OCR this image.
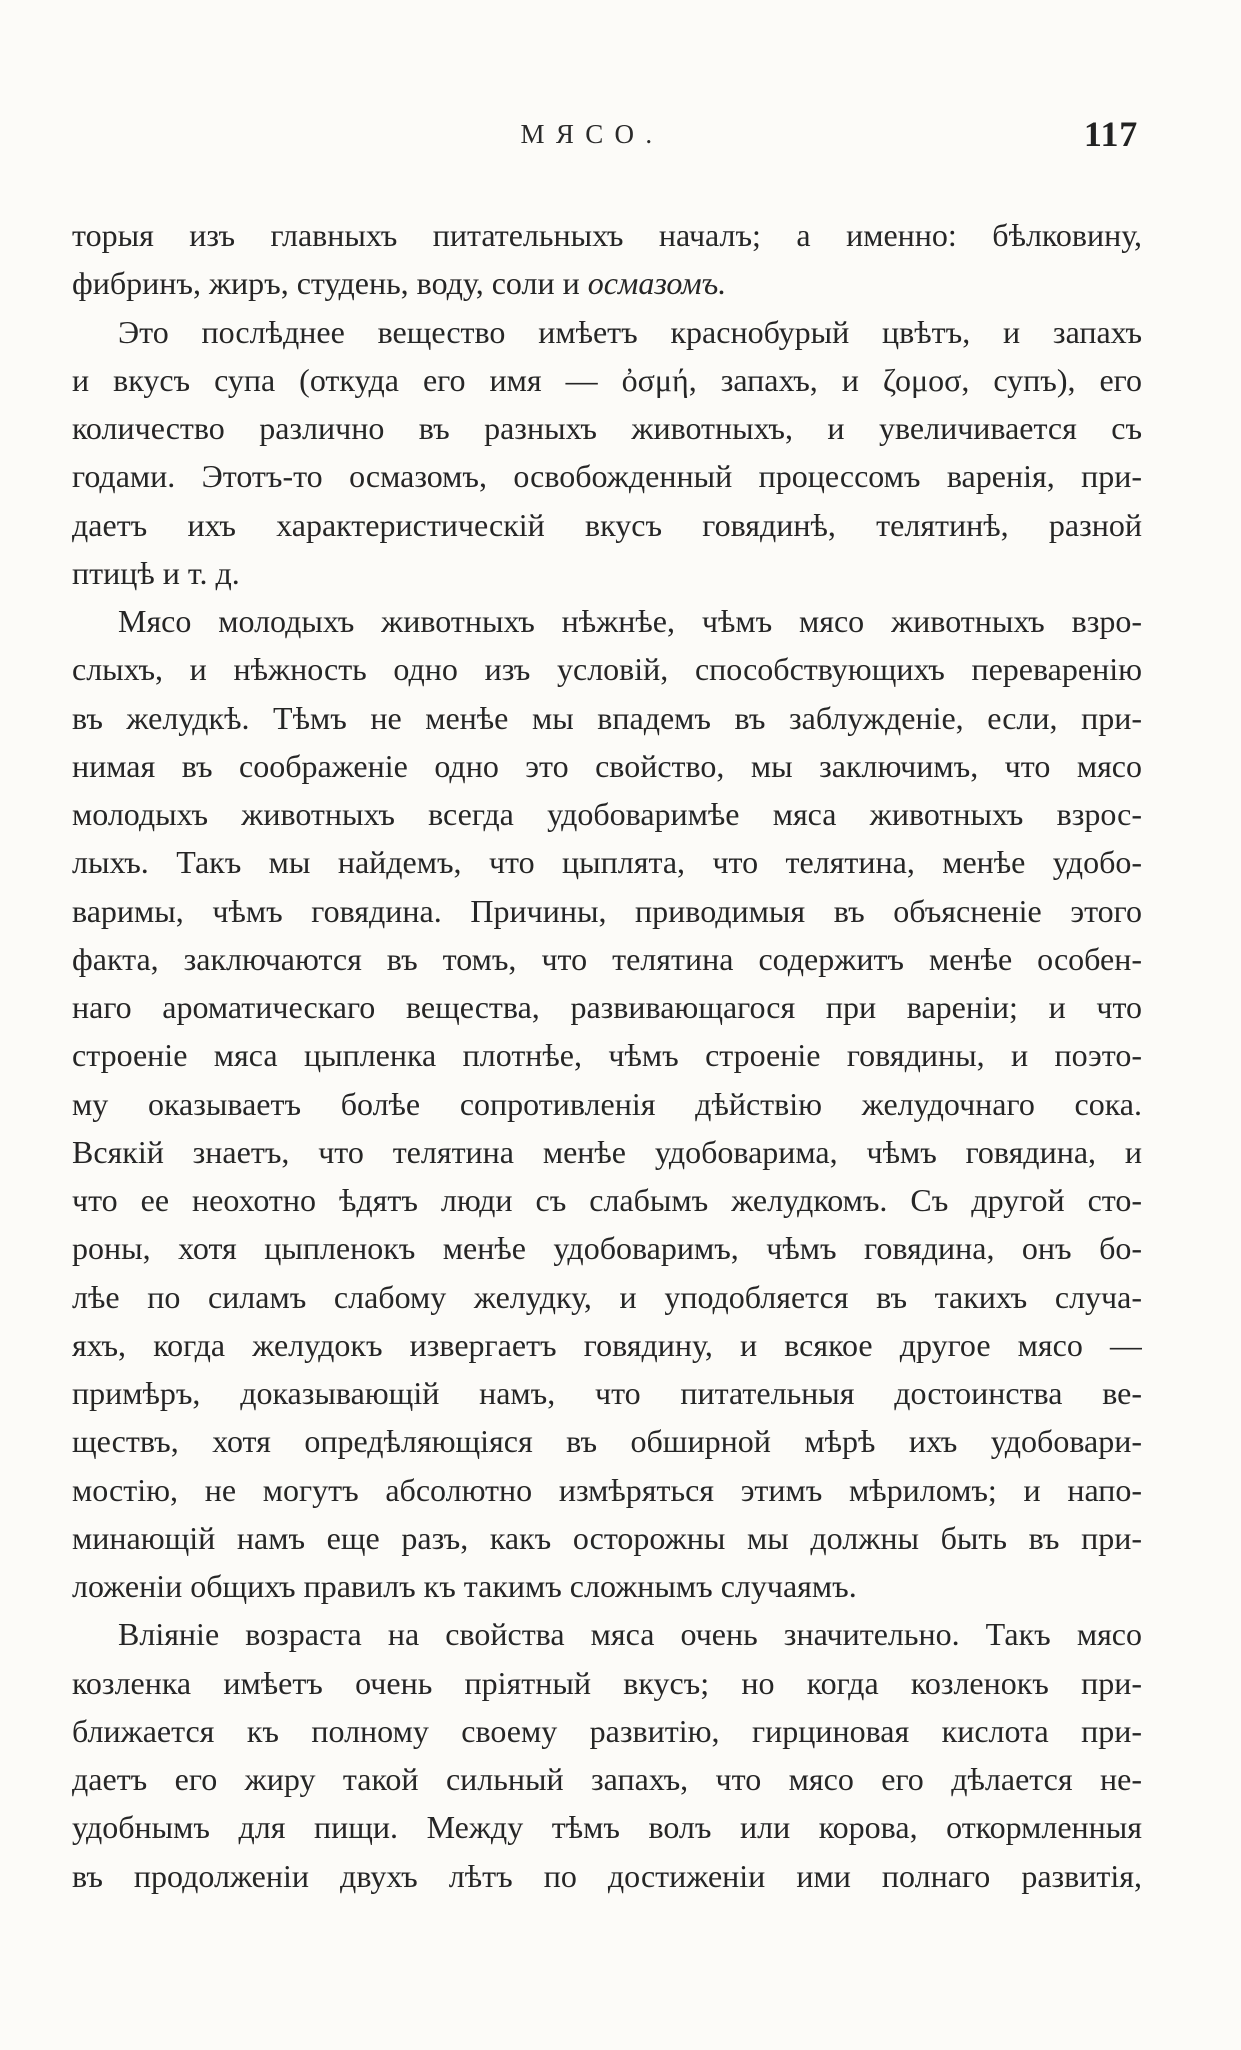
МЯСО.	117
торыя изъ главныхъ питательныхъ началъ; а именно: бѣлковину,
фибринъ, жиръ, студень, воду, соли и осмазомъ.
Это послѣднее вещество имѣетъ краснобурый цвѣтъ, и запахъ
и вкусъ супа (откуда его имя — ὀσμή, запахъ, и ζομοσ, супъ), его
количество различно въ разныхъ животныхъ, и увеличивается съ
годами. Этотъ-то осмазомъ, освобожденный процессомъ варенія, при-
даетъ ихъ характеристическій вкусъ говядинѣ, телятинѣ, разной
птицѣ и т. д.
Мясо молодыхъ животныхъ нѣжнѣе, чѣмъ мясо животныхъ взро-
слыхъ, и нѣжность одно изъ условій, способствующихъ переваренію
въ желудкѣ. Тѣмъ не менѣе мы впадемъ въ заблужденіе, если, при-
нимая въ соображеніе одно это свойство, мы заключимъ, что мясо
молодыхъ животныхъ всегда удобоваримѣе мяса животныхъ взрос-
лыхъ. Такъ мы найдемъ, что цыплята, что телятина, менѣе удобо-
варимы, чѣмъ говядина. Причины, приводимыя въ объясненіе этого
факта, заключаются въ томъ, что телятина содержитъ менѣе особен-
наго ароматическаго вещества, развивающагося при вареніи; и что
строеніе мяса цыпленка плотнѣе, чѣмъ строеніе говядины, и поэто-
му оказываетъ болѣе сопротивленія дѣйствію желудочнаго сока.
Всякій знаетъ, что телятина менѣе удобоварима, чѣмъ говядина, и
что ее неохотно ѣдятъ люди съ слабымъ желудкомъ. Съ другой сто-
роны, хотя цыпленокъ менѣе удобоваримъ, чѣмъ говядина, онъ бо-
лѣе по силамъ слабому желудку, и уподобляется въ такихъ случа-
яхъ, когда желудокъ извергаетъ говядину, и всякое другое мясо —
примѣръ, доказывающій намъ, что питательныя достоинства ве-
ществъ, хотя опредѣляющіяся въ обширной мѣрѣ ихъ удобовари-
мостію, не могутъ абсолютно измѣряться этимъ мѣриломъ; и напо-
минающій намъ еще разъ, какъ осторожны мы должны быть въ при-
ложеніи общихъ правилъ къ такимъ сложнымъ случаямъ.
Вліяніе возраста на свойства мяса очень значительно. Такъ мясо
козленка имѣетъ очень пріятный вкусъ; но когда козленокъ при-
ближается къ полному своему развитію, гирциновая кислота при-
даетъ его жиру такой сильный запахъ, что мясо его дѣлается не-
удобнымъ для пищи. Между тѣмъ волъ или корова, откормленныя
въ продолженіи двухъ лѣтъ по достиженіи ими полнаго развитія,
